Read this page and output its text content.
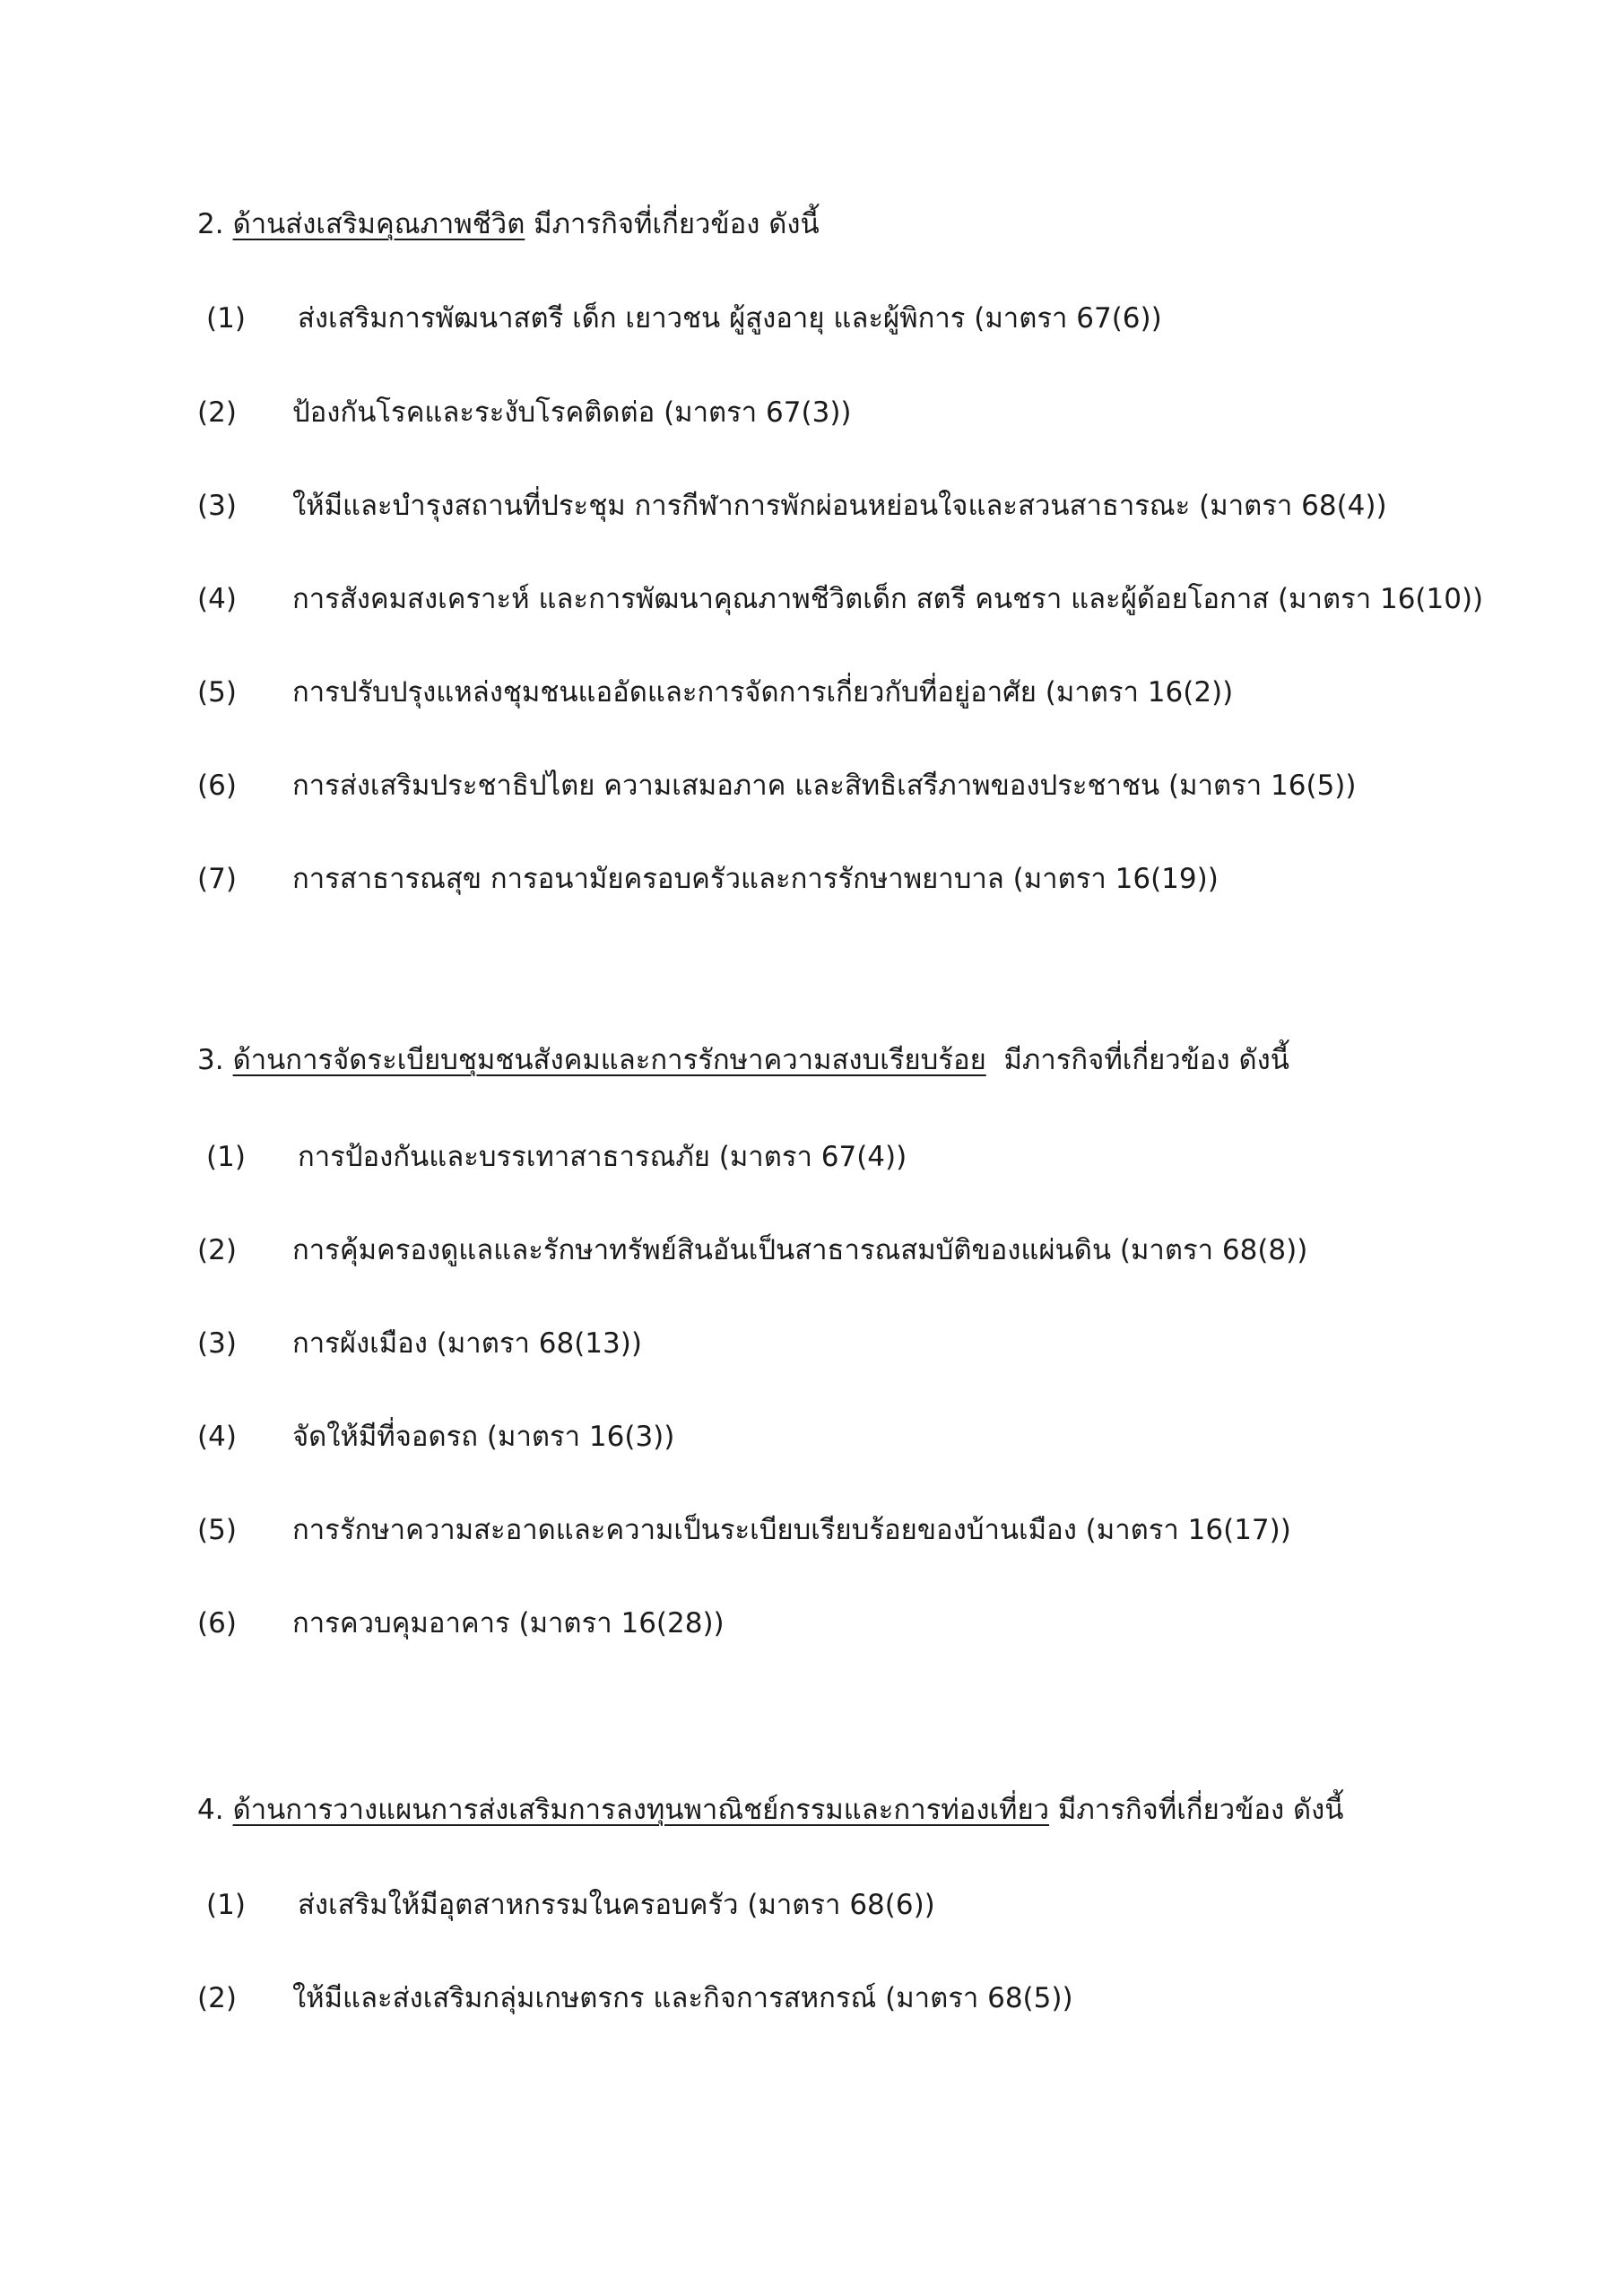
2. ด้านส่งเสริมคุณภาพชีวิต มีภารกิจที่เกี่ยวข้อง ดังนี้
(1) ส่งเสริมการพัฒนาสตรี เด็ก เยาวชน ผู้สูงอายุ และผู้พิการ (มาตรา 67(6))
(2) ป้องกันโรคและระงับโรคติดต่อ (มาตรา 67(3))
(3) ให้มีและบำรุงสถานที่ประชุม การกีฬาการพักผ่อนหย่อนใจและสวนสาธารณะ (มาตรา 68(4))
(4) การสังคมสงเคราะห์ และการพัฒนาคุณภาพชีวิตเด็ก สตรี คนชรา และผู้ด้อยโอกาส (มาตรา 16(10))
(5) การปรับปรุงแหล่งชุมชนแออัดและการจัดการเกี่ยวกับที่อยู่อาศัย (มาตรา 16(2))
(6) การส่งเสริมประชาธิปไตย ความเสมอภาค และสิทธิเสรีภาพของประชาชน (มาตรา 16(5))
(7) การสาธารณสุข การอนามัยครอบครัวและการรักษาพยาบาล (มาตรา 16(19))
3. ด้านการจัดระเบียบชุมชนสังคมและการรักษาความสงบเรียบร้อย  มีภารกิจที่เกี่ยวข้อง ดังนี้
(1) การป้องกันและบรรเทาสาธารณภัย (มาตรา 67(4))
(2) การคุ้มครองดูแลและรักษาทรัพย์สินอันเป็นสาธารณสมบัติของแผ่นดิน (มาตรา 68(8))
(3) การผังเมือง (มาตรา 68(13))
(4) จัดให้มีที่จอดรถ (มาตรา 16(3))
(5) การรักษาความสะอาดและความเป็นระเบียบเรียบร้อยของบ้านเมือง (มาตรา 16(17))
(6) การควบคุมอาคาร (มาตรา 16(28))
4. ด้านการวางแผนการส่งเสริมการลงทุนพาณิชย์กรรมและการท่องเที่ยว มีภารกิจที่เกี่ยวข้อง ดังนี้
(1) ส่งเสริมให้มีอุตสาหกรรมในครอบครัว (มาตรา 68(6))
(2) ให้มีและส่งเสริมกลุ่มเกษตรกร และกิจการสหกรณ์ (มาตรา 68(5))
